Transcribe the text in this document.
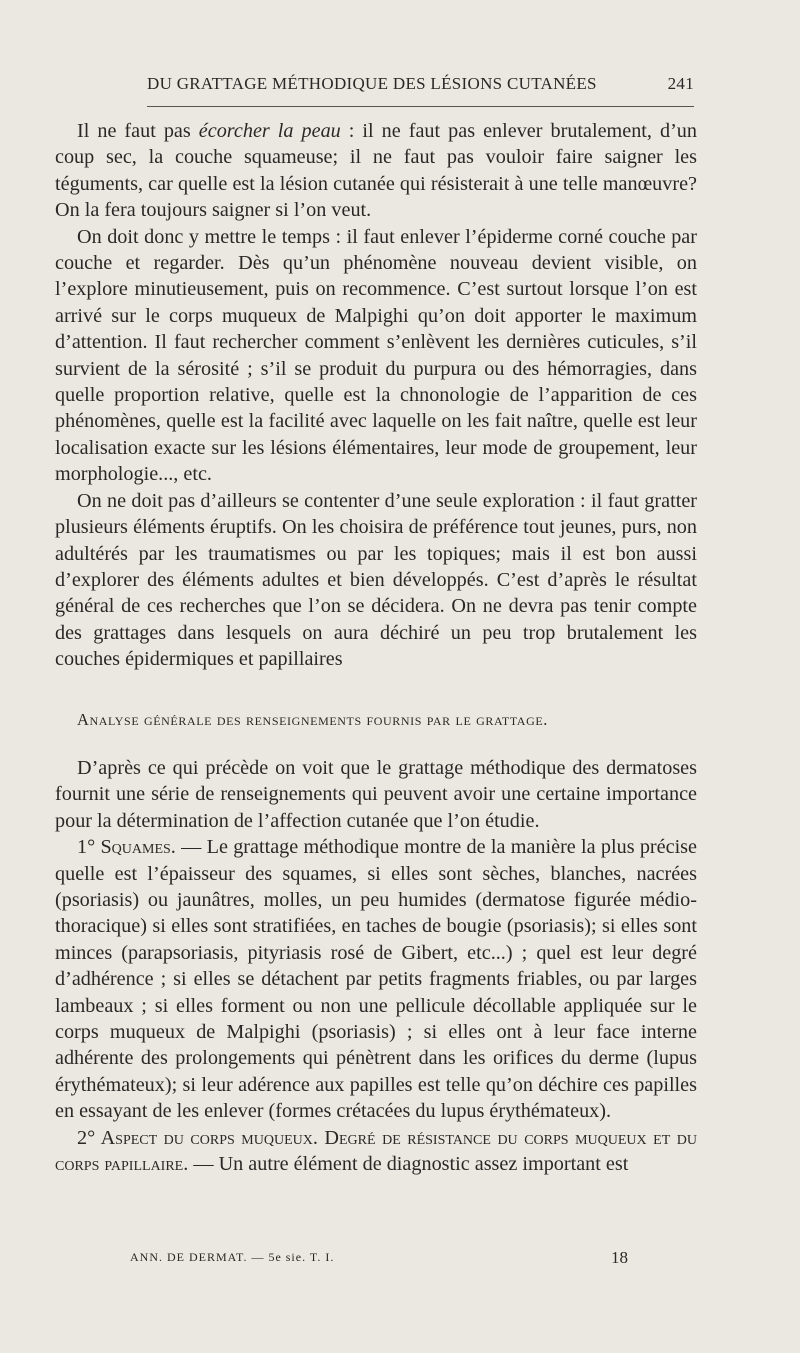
DU GRATTAGE MÉTHODIQUE DES LÉSIONS CUTANÉES	241

Il ne faut pas écorcher la peau : il ne faut pas enlever brutalement, d’un coup sec, la couche squameuse; il ne faut pas vouloir faire saigner les téguments, car quelle est la lésion cutanée qui résisterait à une telle manœuvre? On la fera toujours saigner si l’on veut.

On doit donc y mettre le temps : il faut enlever l’épiderme corné couche par couche et regarder. Dès qu’un phénomène nouveau devient visible, on l’explore minutieusement, puis on recommence. C’est surtout lorsque l’on est arrivé sur le corps muqueux de Malpighi qu’on doit apporter le maximum d’attention. Il faut rechercher comment s’enlèvent les dernières cuticules, s’il survient de la sérosité ; s’il se produit du purpura ou des hémorragies, dans quelle proportion relative, quelle est la chnonologie de l’apparition de ces phénomènes, quelle est la facilité avec laquelle on les fait naître, quelle est leur localisation exacte sur les lésions élémentaires, leur mode de groupement, leur morphologie..., etc.

On ne doit pas d’ailleurs se contenter d’une seule exploration : il faut gratter plusieurs éléments éruptifs. On les choisira de préférence tout jeunes, purs, non adultérés par les traumatismes ou par les topiques; mais il est bon aussi d’explorer des éléments adultes et bien développés. C’est d’après le résultat général de ces recherches que l’on se décidera. On ne devra pas tenir compte des grattages dans lesquels on aura déchiré un peu trop brutalement les couches épidermiques et papillaires

Analyse générale des renseignements fournis par le grattage.

D’après ce qui précède on voit que le grattage méthodique des dermatoses fournit une série de renseignements qui peuvent avoir une certaine importance pour la détermination de l’affection cutanée que l’on étudie.

1° Squames. — Le grattage méthodique montre de la manière la plus précise quelle est l’épaisseur des squames, si elles sont sèches, blanches, nacrées (psoriasis) ou jaunâtres, molles, un peu humides (dermatose figurée médio-thoracique) si elles sont stratifiées, en taches de bougie (psoriasis); si elles sont minces (parapsoriasis, pityriasis rosé de Gibert, etc...) ; quel est leur degré d’adhérence ; si elles se détachent par petits fragments friables, ou par larges lambeaux ; si elles forment ou non une pellicule décollable appliquée sur le corps muqueux de Malpighi (psoriasis) ; si elles ont à leur face interne adhérente des prolongements qui pénètrent dans les orifices du derme (lupus érythémateux); si leur adérence aux papilles est telle qu’on déchire ces papilles en essayant de les enlever (formes crétacées du lupus érythémateux).

2° Aspect du corps muqueux. Degré de résistance du corps muqueux et du corps papillaire. — Un autre élément de diagnostic assez important est

ANN. DE DERMAT. — 5e sie. T. I.	18
